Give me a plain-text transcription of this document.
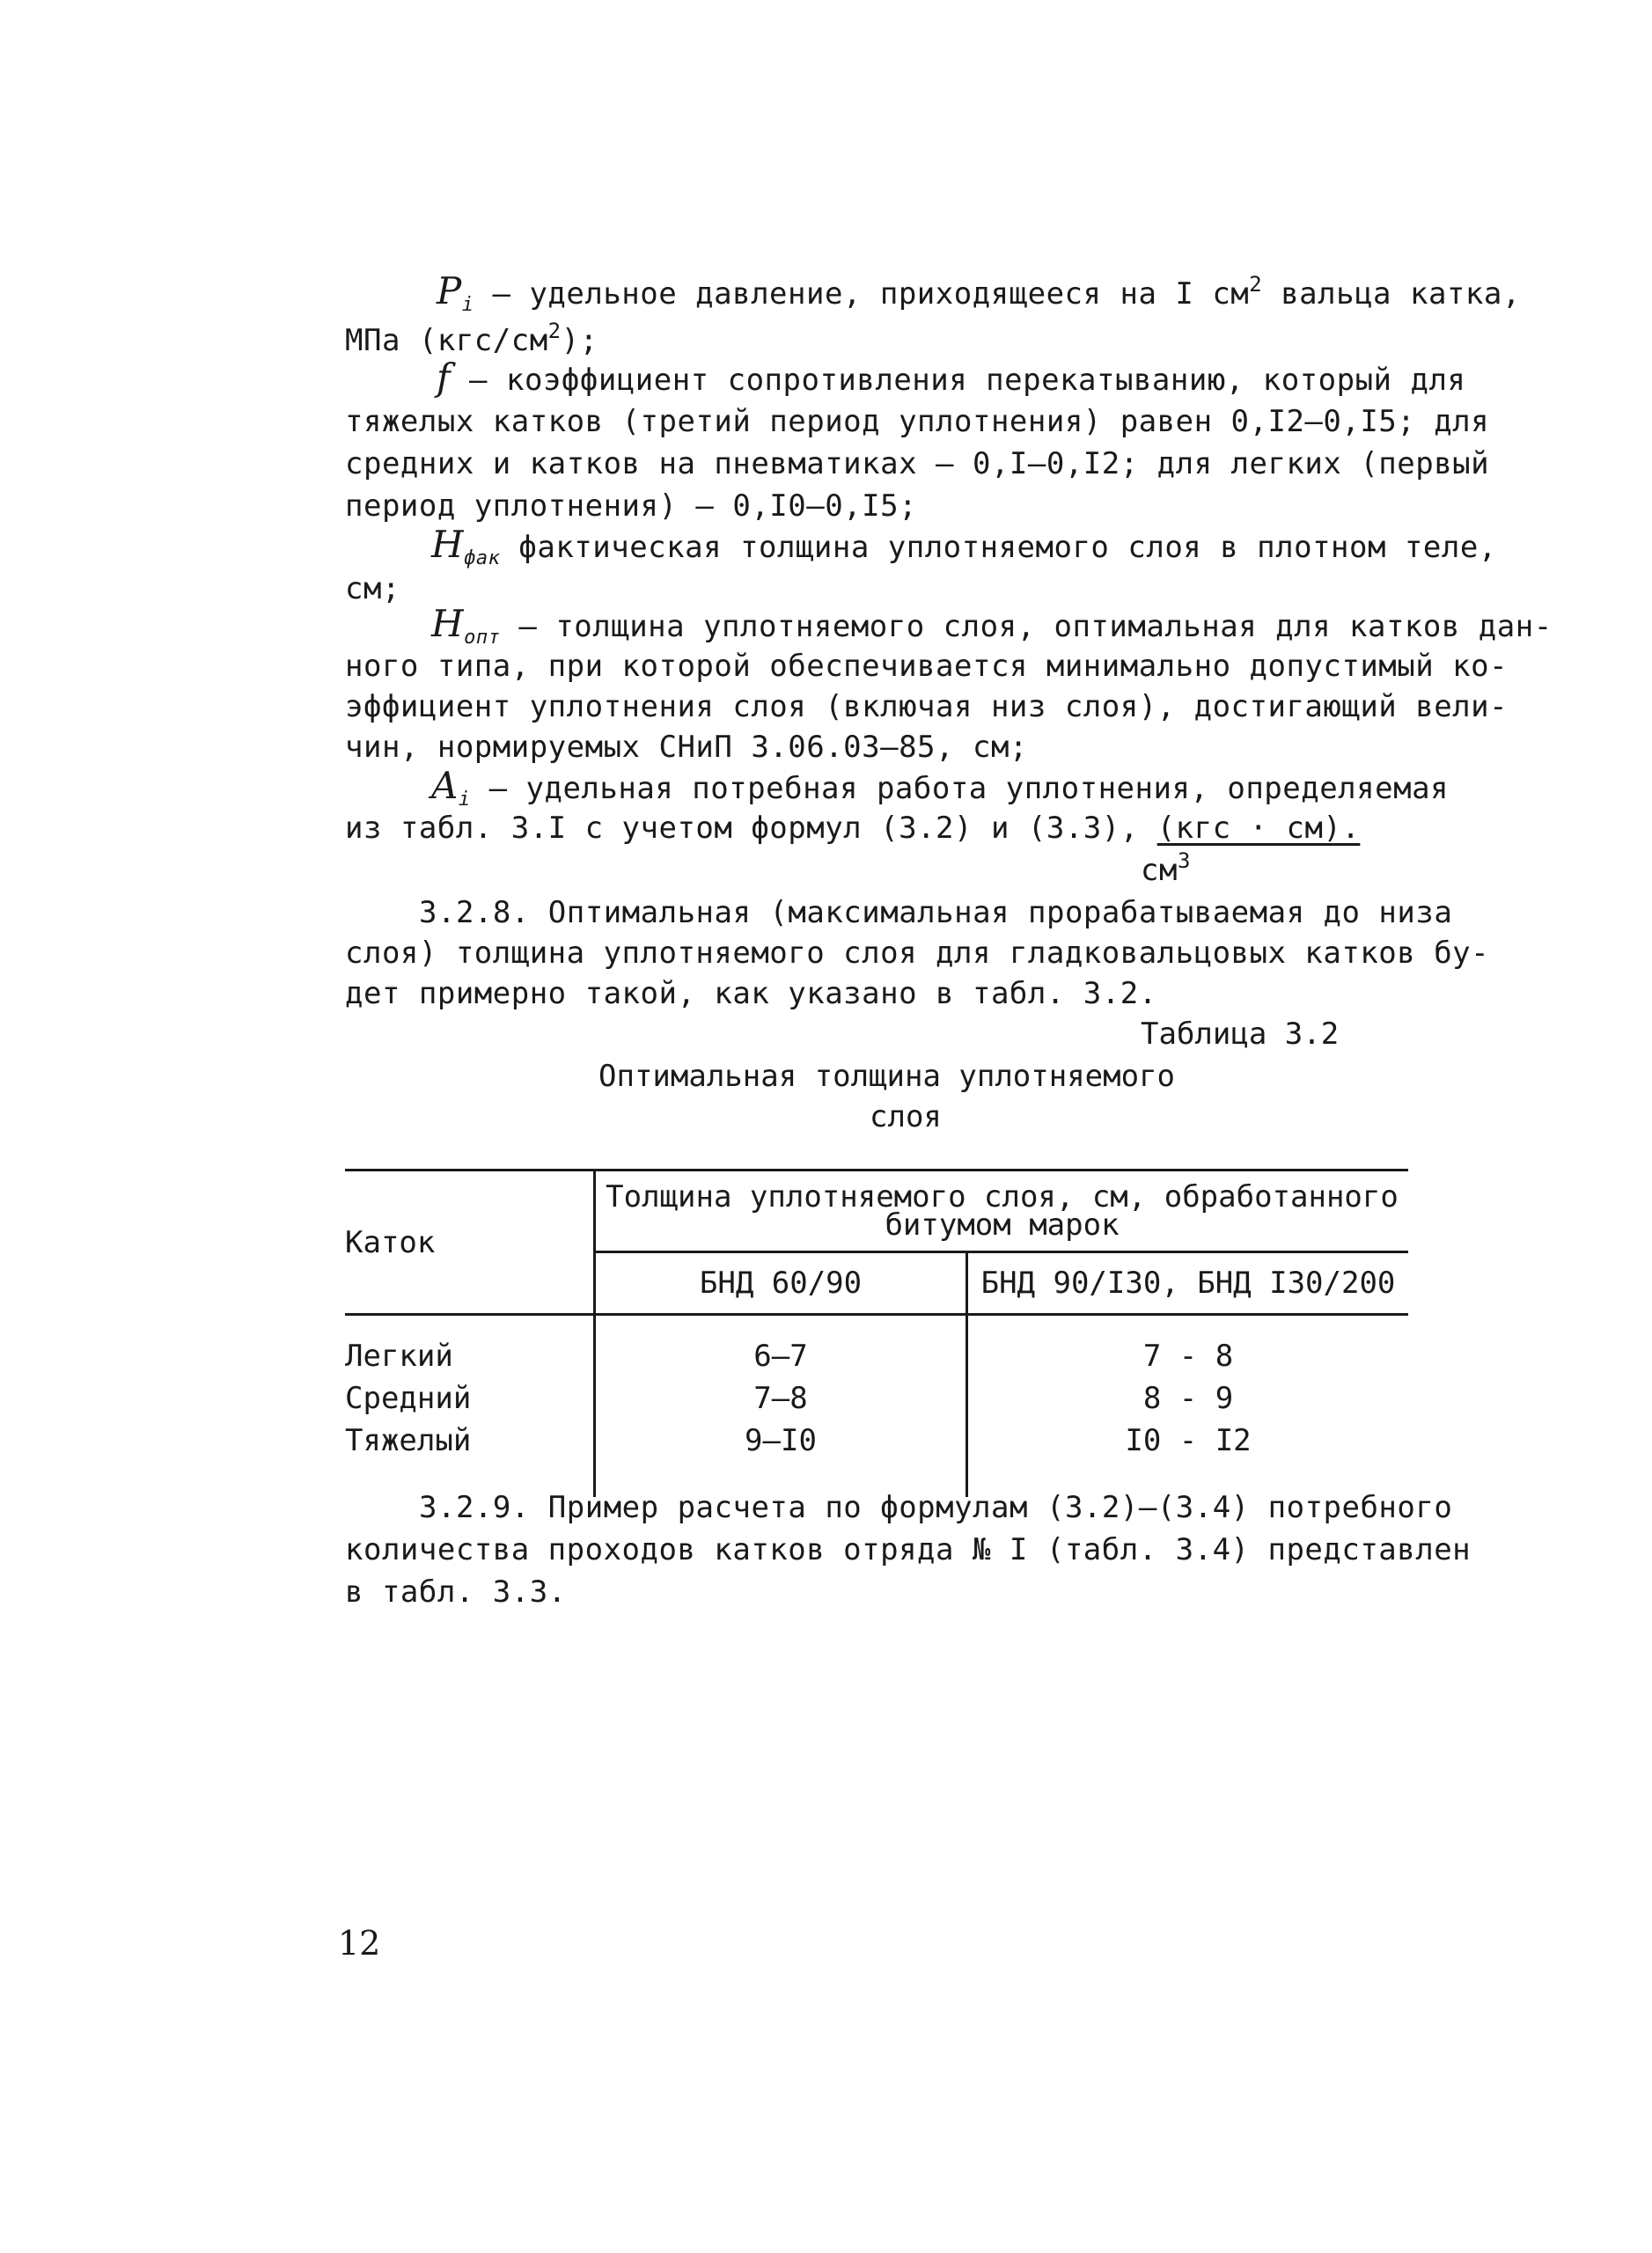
$P_i$ – удельное давление, приходящееся на I $см^2$ вальца катка,
МПа $(кгс/см^2)$;
f – коэффициент сопротивления перекатыванию, который для
тяжелых катков (третий период уплотнения) равен 0,I2–0,I5; для
средних и катков на пневматиках – 0,I–0,I2; для легких (первый
период уплотнения) – 0,I0–0,I5;
$H_{фак}$ фактическая толщина уплотняемого слоя в плотном теле,
см;
$H_{опт}$ – толщина уплотняемого слоя, оптимальная для катков дан-
ного типа, при которой обеспечивается минимально допустимый ко-
эффициент уплотнения слоя (включая низ слоя), достигающий вели-
чин, нормируемых СНиП 3.06.03–85, см;
$A_i$ – удельная потребная работа уплотнения, определяемая
из табл. 3.I с учетом формул (3.2) и (3.3), (кгс · см).
$см^3$
3.2.8. Оптимальная (максимальная прорабатываемая до низа
слоя) толщина уплотняемого слоя для гладковальцовых катков бу-
дет примерно такой, как указано в табл. 3.2.
Таблица 3.2
Оптимальная толщина уплотняемого
слоя
Каток	Толщина уплотняемого слоя, см, обработанного
битумом марок	

	БНД 60/90	БНД 90/I30, БНД I30/200

Легкий	6–7	7 - 8
Средний	7–8	8 - 9
Тяжелый	9–I0	I0 - I2

3.2.9. Пример расчета по формулам (3.2)–(3.4) потребного
количества проходов катков отряда № I (табл. 3.4) представлен
в табл. 3.3.
12
